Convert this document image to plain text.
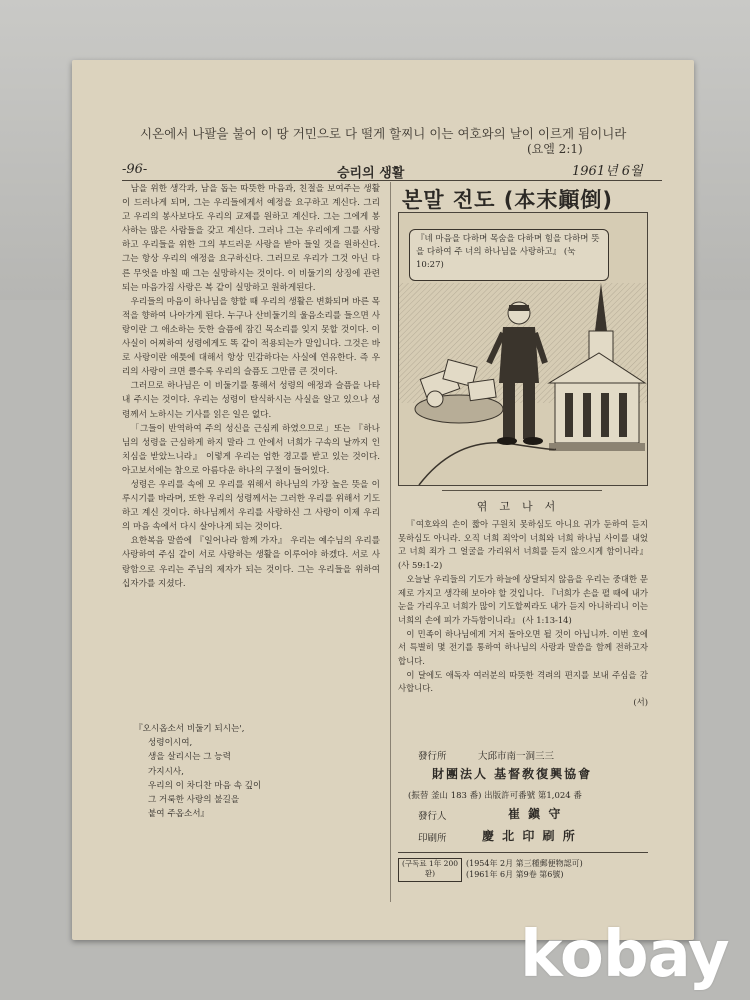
시온에서 나팔을 불어 이 땅 거민으로 다 떨게 할찌니 이는 여호와의 날이 이르게 됨이니라
(요엘 2:1)
-96-	승리의 생활	1961년 6월

남을 위한 생각과, 남을 돕는 따뜻한 마음과, 친절을 보여주는 생활이 드러나게 되며, 그는 우리들에게서 예정을 요구하고 계신다. 그리고 우리의 봉사보다도 우리의 교제를 원하고 계신다. 그는 그에게 봉사하는 많은 사람들을 갖고 계신다. 그러나 그는 우리에게 그를 사랑하고 우리들을 위한 그의 부드러운 사랑을 받아 들일 것을 원하신다. 그는 항상 우리의 애정을 요구하신다. 그러므로 우리가 그것 아닌 다른 무엇을 바칠 때 그는 실망하시는 것이다. 이 비둘기의 상징에 관련되는 마음가짐 사랑은 복 같이 실망하고 원하게된다.

우리들의 마음이 하나님을 향할 때 우리의 생활은 변화되며 바른 목적을 향하여 나아가게 된다. 누구나 산비둘기의 울음소리를 들으면 사랑이란 그 애소하는 듯한 슬픔에 잠긴 목소리를 잊지 못할 것이다. 이 사실이 어찌하여 성령에게도 똑 같이 적용되는가 말입니다. 그것은 바로 사랑이란 애틋에 대해서 항상 민감하다는 사실에 연유한다. 즉 우리의 사랑이 크면 클수록 우리의 슬픔도 그만큼 큰 것이다.

그러므로 하나님은 이 비둘기를 통해서 성령의 애정과 슬픔을 나타내 주시는 것이다. 우리는 성령이 탄식하시는 사실을 알고 있으나 성령께서 노하시는 기사를 읽은 일은 없다.

「그들이 반역하여 주의 성신을 근심케 하였으므로」또는 『하나님의 성령을 근심하게 하지 말라 그 안에서 너희가 구속의 날까지 인치심을 받았느니라』 이렇게 우리는 엄한 경고를 받고 있는 것이다. 아고보서에는 참으로 아름다운 하나의 구절이 들어있다.

성령은 우리를 속에 모 우리를 위해서 하나님의 가장 높은 뜻을 이루시기를 바라며, 또한 우리의 성령께서는 그러한 우리를 위해서 기도하고 계신 것이다. 하나님께서 우리를 사랑하신 그 사랑이 이제 우리의 마음 속에서 다시 살아나게 되는 것이다.

요한복음 말씀에 『일어나라 함께 가자』 우리는 예수님의 우리를 사랑하여 주심 같이 서로 사랑하는 생활을 이루어야 하겠다. 서로 사랑함으로 우리는 주님의 제자가 되는 것이다. 그는 우리들을 위하여 십자가를 지셨다.

『오시옵소서 비둘기 되시는',
성령이시여,
생을 살리시는 그 능력
가지시사,
우리의 이 차디찬 마음 속 깊이
그 거룩한 사랑의 불길을
붙여 주옵소서』
본말 전도 (本末顚倒)
『네 마음을 다하며 목숨을 다하며 힘을 다하며 뜻을 다하여 주 너의 하나님을 사랑하고』 (눅 10:27)
엮고나서

『여호와의 손이 짧아 구원치 못하심도 아니요 귀가 둔하여 듣지 못하심도 아니라. 오직 너희 죄악이 너희와 너희 하나님 사이를 내었고 너희 죄가 그 얼굴을 가리워서 너희를 듣지 않으시게 함이니라』 (사 59:1-2)

오늘날 우리들의 기도가 하늘에 상달되지 않음을 우리는 중대한 문제로 가지고 생각해 보아야 할 것입니다. 『너희가 손을 펼 때에 내가 눈을 가리우고 너희가 많이 기도할찌라도 내가 듣지 아니하리니 이는 너희의 손에 피가 가득함이니라』 (사 1:13-14)

이 민족이 하나님에게 거저 돌아오면 될 것이 아닙니까. 이번 호에서 특별히 몇 전기를 통하여 하나님의 사랑과 말씀을 함께 전하고자 합니다.

이 달에도 애독자 여러분의 따뜻한 격려의 편지를 보내 주심을 감사합니다.

(서)
發行所	大邱市南一洞三三
財團法人 基督敎復興協會
(振替 釜山 183 番) 出版許可番號 第1,024 番
發行人	崔 鎭 守
印刷所	慶 北 印 刷 所
(구독료 1年 200환)
(1954年 2月 第三種郵便物認可)
(1961年 6月 第9卷 第6號)
kobay
